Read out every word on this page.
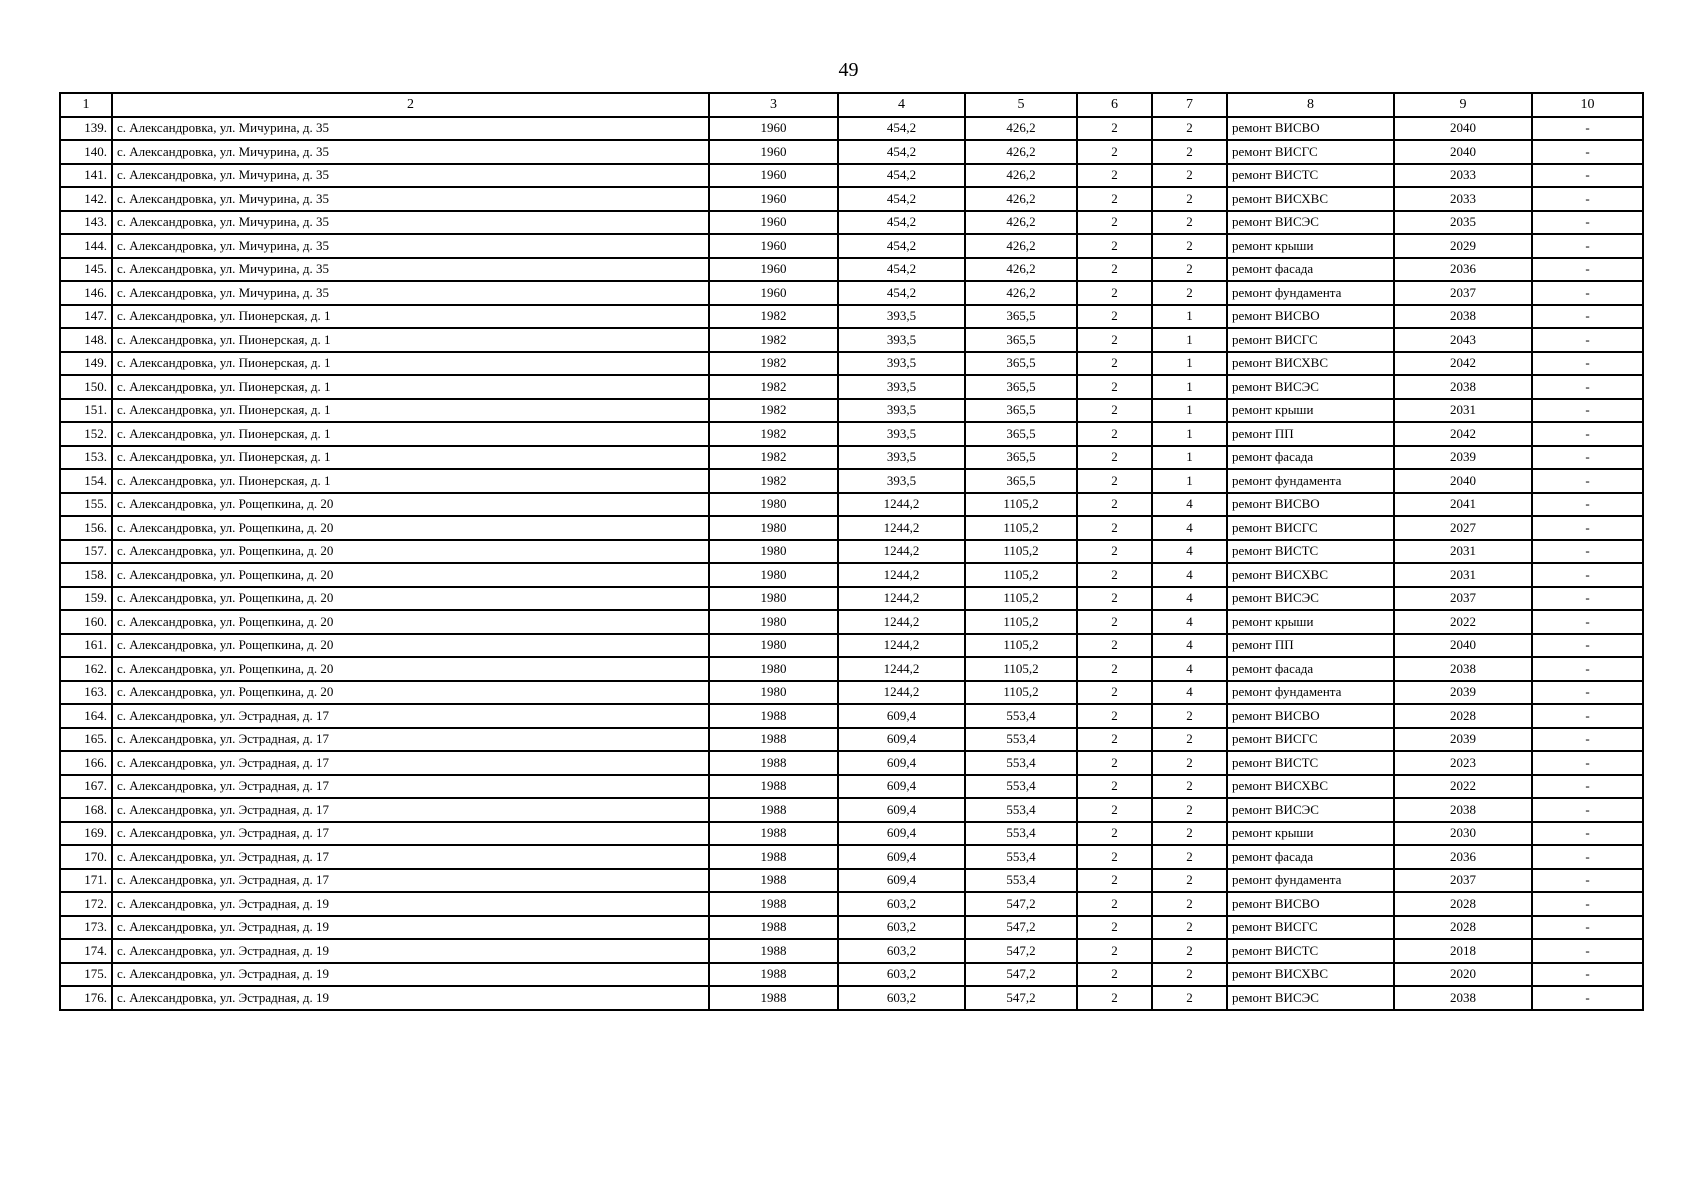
49
1	2	3	4	5	6	7	8	9	10
139.	с. Александровка, ул. Мичурина, д. 35	1960	454,2	426,2	2	2	ремонт ВИСВО	2040	-
140.	с. Александровка, ул. Мичурина, д. 35	1960	454,2	426,2	2	2	ремонт ВИСГС	2040	-
141.	с. Александровка, ул. Мичурина, д. 35	1960	454,2	426,2	2	2	ремонт ВИСТС	2033	-
142.	с. Александровка, ул. Мичурина, д. 35	1960	454,2	426,2	2	2	ремонт ВИСХВС	2033	-
143.	с. Александровка, ул. Мичурина, д. 35	1960	454,2	426,2	2	2	ремонт ВИСЭС	2035	-
144.	с. Александровка, ул. Мичурина, д. 35	1960	454,2	426,2	2	2	ремонт крыши	2029	-
145.	с. Александровка, ул. Мичурина, д. 35	1960	454,2	426,2	2	2	ремонт фасада	2036	-
146.	с. Александровка, ул. Мичурина, д. 35	1960	454,2	426,2	2	2	ремонт фундамента	2037	-
147.	с. Александровка, ул. Пионерская, д. 1	1982	393,5	365,5	2	1	ремонт ВИСВО	2038	-
148.	с. Александровка, ул. Пионерская, д. 1	1982	393,5	365,5	2	1	ремонт ВИСГС	2043	-
149.	с. Александровка, ул. Пионерская, д. 1	1982	393,5	365,5	2	1	ремонт ВИСХВС	2042	-
150.	с. Александровка, ул. Пионерская, д. 1	1982	393,5	365,5	2	1	ремонт ВИСЭС	2038	-
151.	с. Александровка, ул. Пионерская, д. 1	1982	393,5	365,5	2	1	ремонт крыши	2031	-
152.	с. Александровка, ул. Пионерская, д. 1	1982	393,5	365,5	2	1	ремонт ПП	2042	-
153.	с. Александровка, ул. Пионерская, д. 1	1982	393,5	365,5	2	1	ремонт фасада	2039	-
154.	с. Александровка, ул. Пионерская, д. 1	1982	393,5	365,5	2	1	ремонт фундамента	2040	-
155.	с. Александровка, ул. Рощепкина, д. 20	1980	1244,2	1105,2	2	4	ремонт ВИСВО	2041	-
156.	с. Александровка, ул. Рощепкина, д. 20	1980	1244,2	1105,2	2	4	ремонт ВИСГС	2027	-
157.	с. Александровка, ул. Рощепкина, д. 20	1980	1244,2	1105,2	2	4	ремонт ВИСТС	2031	-
158.	с. Александровка, ул. Рощепкина, д. 20	1980	1244,2	1105,2	2	4	ремонт ВИСХВС	2031	-
159.	с. Александровка, ул. Рощепкина, д. 20	1980	1244,2	1105,2	2	4	ремонт ВИСЭС	2037	-
160.	с. Александровка, ул. Рощепкина, д. 20	1980	1244,2	1105,2	2	4	ремонт крыши	2022	-
161.	с. Александровка, ул. Рощепкина, д. 20	1980	1244,2	1105,2	2	4	ремонт ПП	2040	-
162.	с. Александровка, ул. Рощепкина, д. 20	1980	1244,2	1105,2	2	4	ремонт фасада	2038	-
163.	с. Александровка, ул. Рощепкина, д. 20	1980	1244,2	1105,2	2	4	ремонт фундамента	2039	-
164.	с. Александровка, ул. Эстрадная, д. 17	1988	609,4	553,4	2	2	ремонт ВИСВО	2028	-
165.	с. Александровка, ул. Эстрадная, д. 17	1988	609,4	553,4	2	2	ремонт ВИСГС	2039	-
166.	с. Александровка, ул. Эстрадная, д. 17	1988	609,4	553,4	2	2	ремонт ВИСТС	2023	-
167.	с. Александровка, ул. Эстрадная, д. 17	1988	609,4	553,4	2	2	ремонт ВИСХВС	2022	-
168.	с. Александровка, ул. Эстрадная, д. 17	1988	609,4	553,4	2	2	ремонт ВИСЭС	2038	-
169.	с. Александровка, ул. Эстрадная, д. 17	1988	609,4	553,4	2	2	ремонт крыши	2030	-
170.	с. Александровка, ул. Эстрадная, д. 17	1988	609,4	553,4	2	2	ремонт фасада	2036	-
171.	с. Александровка, ул. Эстрадная, д. 17	1988	609,4	553,4	2	2	ремонт фундамента	2037	-
172.	с. Александровка, ул. Эстрадная, д. 19	1988	603,2	547,2	2	2	ремонт ВИСВО	2028	-
173.	с. Александровка, ул. Эстрадная, д. 19	1988	603,2	547,2	2	2	ремонт ВИСГС	2028	-
174.	с. Александровка, ул. Эстрадная, д. 19	1988	603,2	547,2	2	2	ремонт ВИСТС	2018	-
175.	с. Александровка, ул. Эстрадная, д. 19	1988	603,2	547,2	2	2	ремонт ВИСХВС	2020	-
176.	с. Александровка, ул. Эстрадная, д. 19	1988	603,2	547,2	2	2	ремонт ВИСЭС	2038	-
